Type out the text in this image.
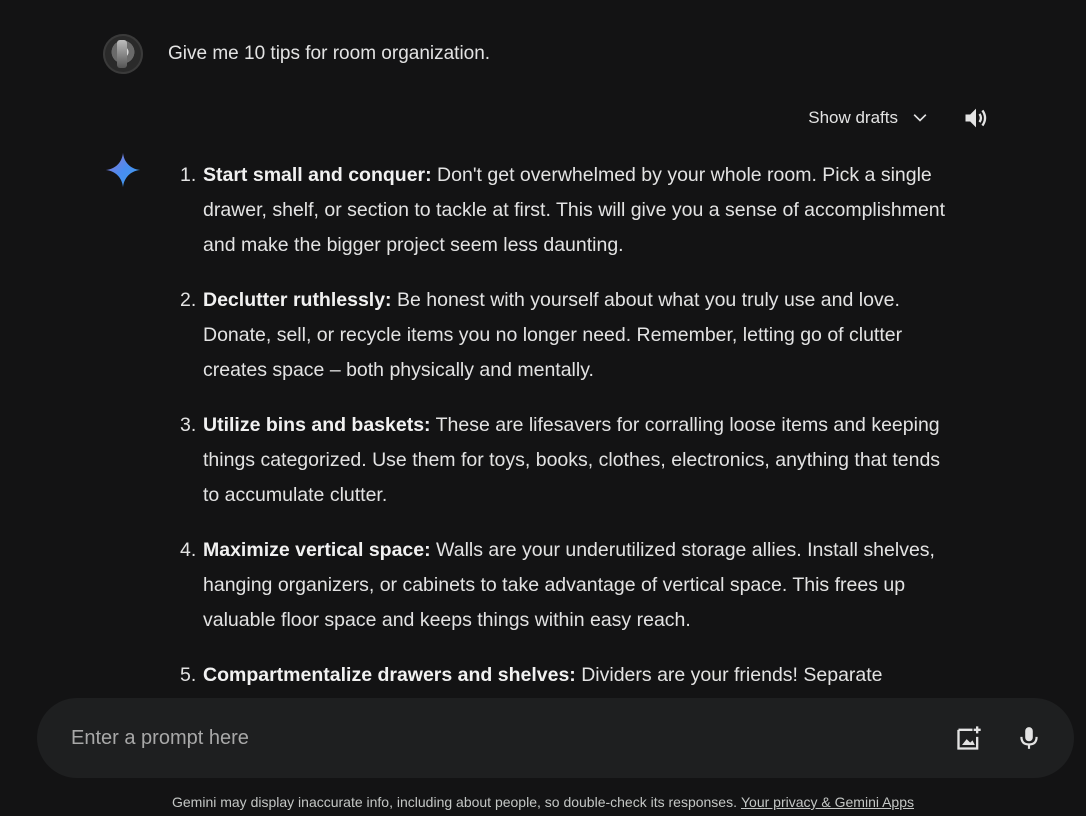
Give me 10 tips for room organization.
Show drafts
1. Start small and conquer: Don't get overwhelmed by your whole room. Pick a single drawer, shelf, or section to tackle at first. This will give you a sense of accomplishment and make the bigger project seem less daunting.
2. Declutter ruthlessly: Be honest with yourself about what you truly use and love. Donate, sell, or recycle items you no longer need. Remember, letting go of clutter creates space – both physically and mentally.
3. Utilize bins and baskets: These are lifesavers for corralling loose items and keeping things categorized. Use them for toys, books, clothes, electronics, anything that tends to accumulate clutter.
4. Maximize vertical space: Walls are your underutilized storage allies. Install shelves, hanging organizers, or cabinets to take advantage of vertical space. This frees up valuable floor space and keeps things within easy reach.
5. Compartmentalize drawers and shelves: Dividers are your friends! Separate
Enter a prompt here
Gemini may display inaccurate info, including about people, so double-check its responses. Your privacy & Gemini Apps
